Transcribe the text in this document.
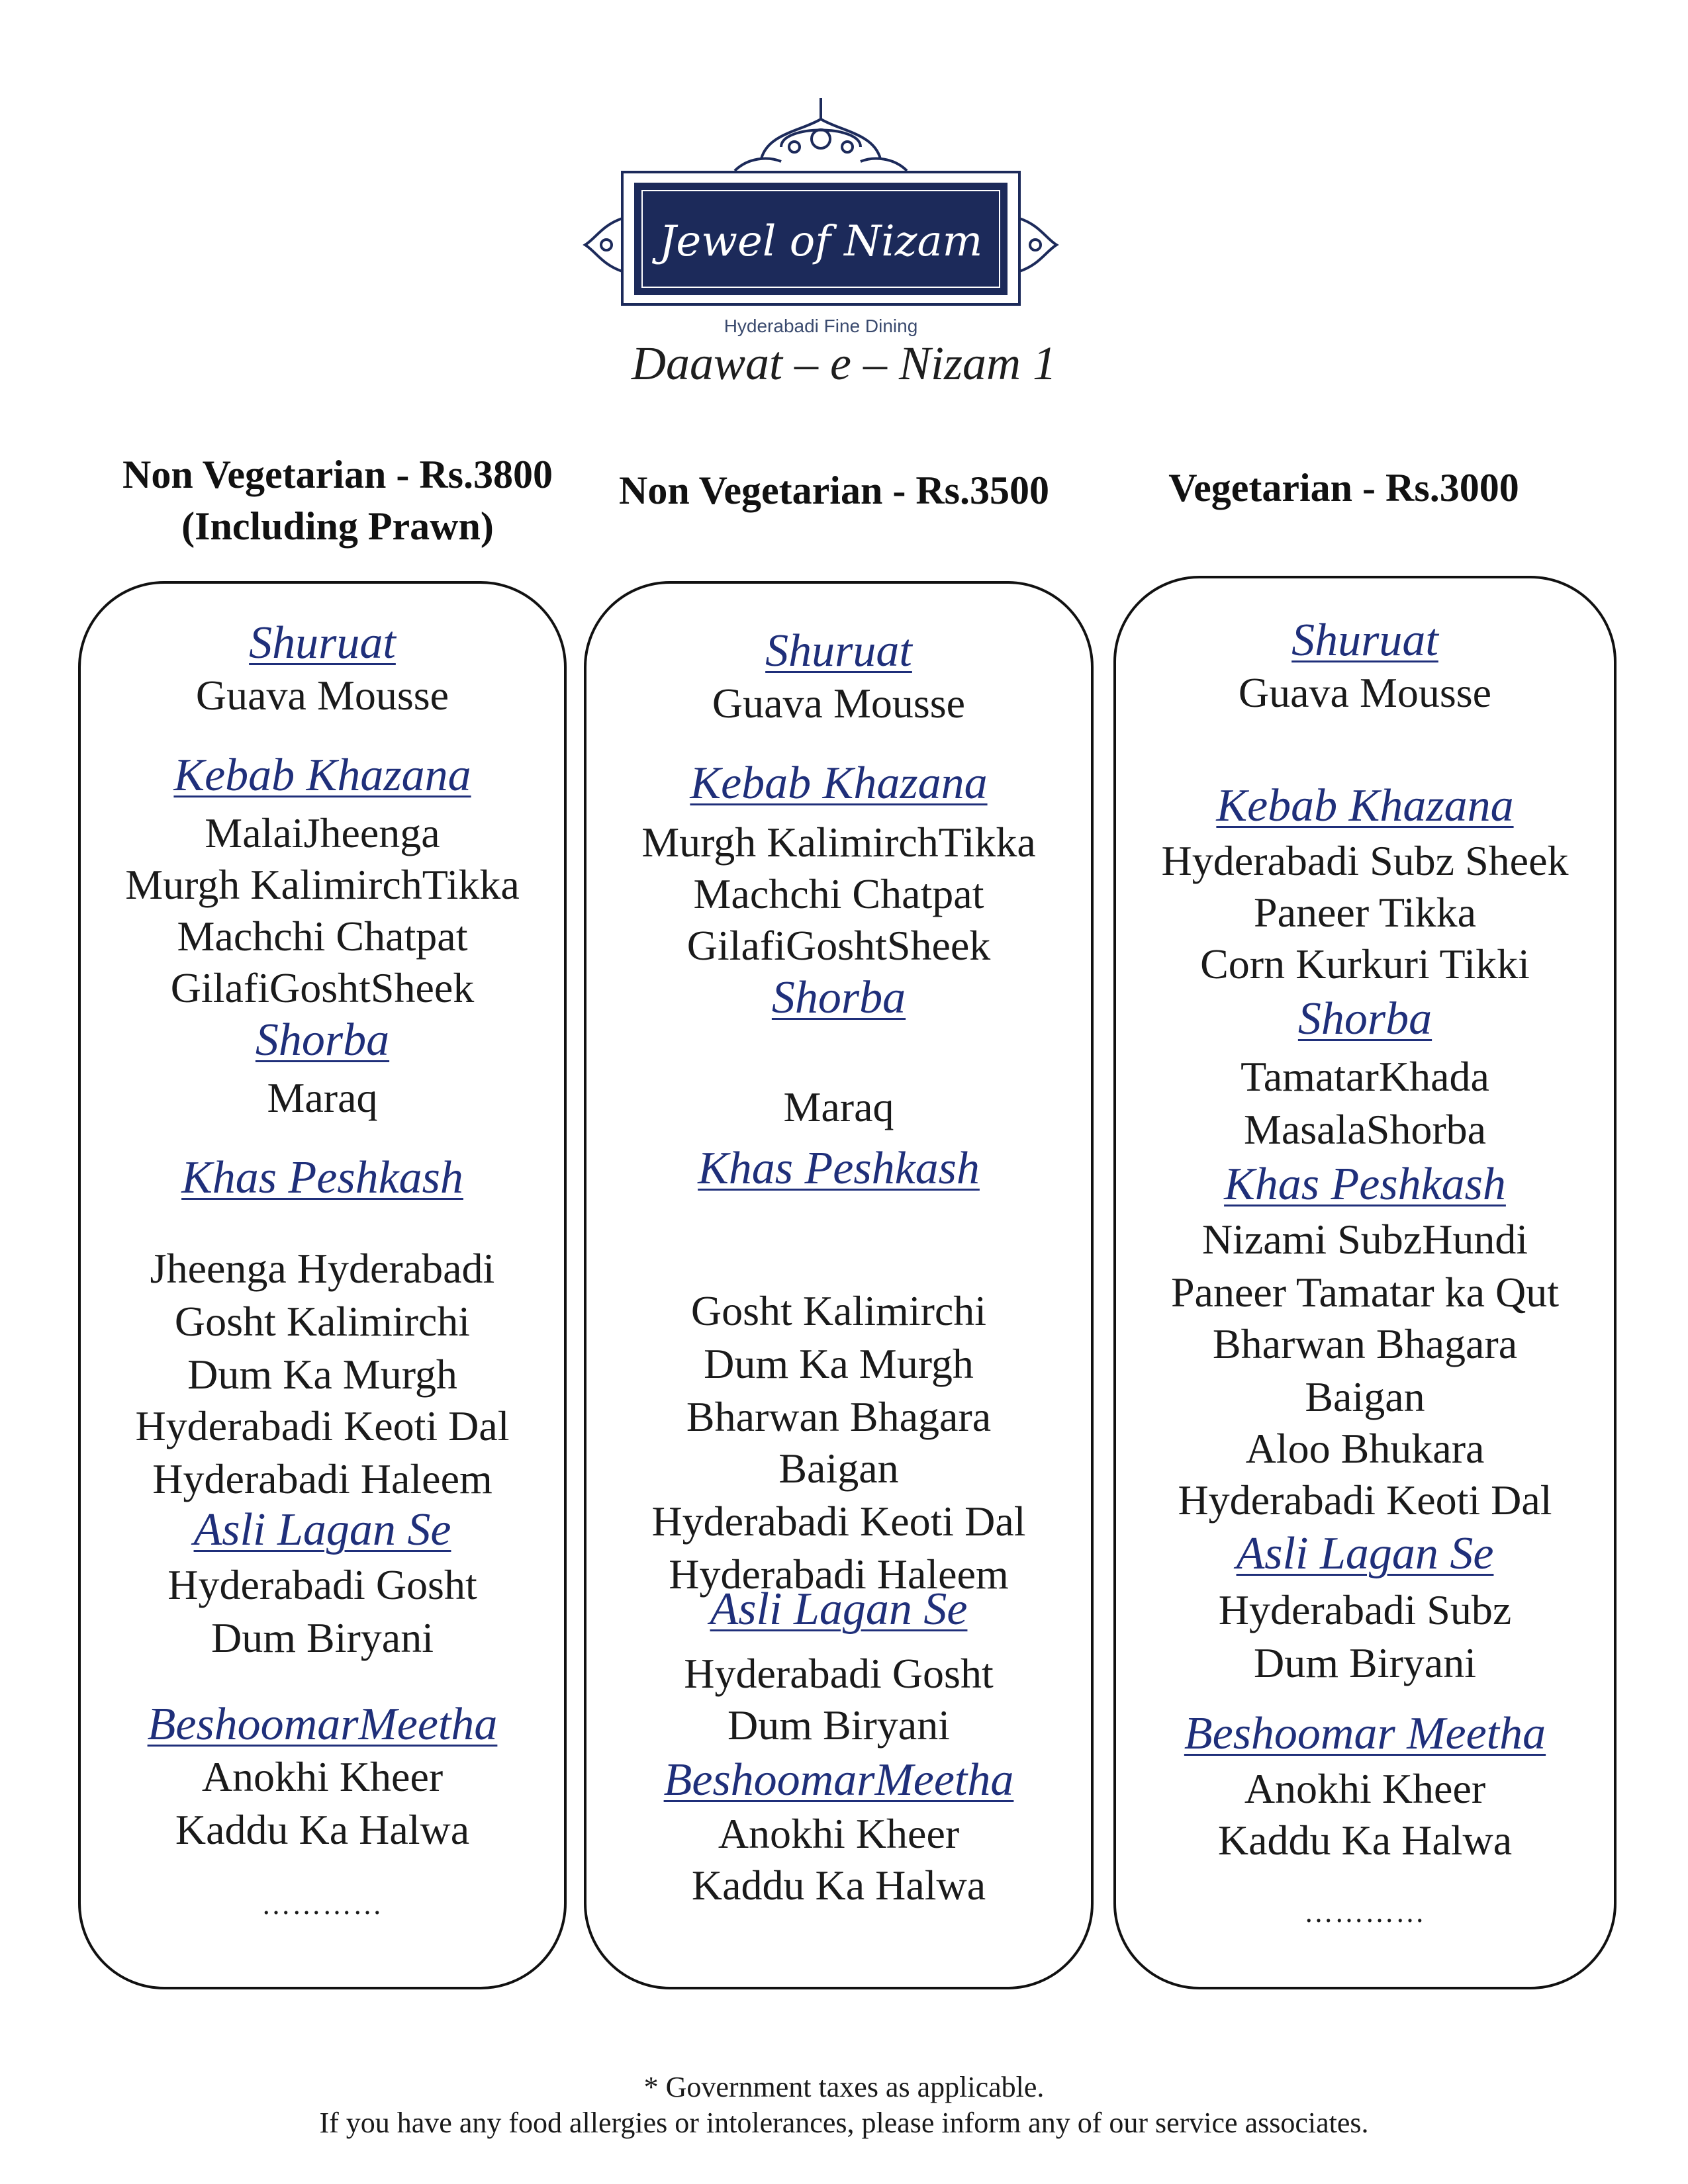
Jewel of Nizam
Hyderabadi Fine Dining
Daawat – e – Nizam 1
Non Vegetarian - Rs.3800
(Including Prawn)
Non Vegetarian - Rs.3500	Vegetarian - Rs.3000
Shuruat
Guava Mousse
Kebab Khazana
MalaiJheenga
Murgh KalimirchTikka
Machchi Chatpat
GilafiGoshtSheek
Shorba
Maraq
Khas Peshkash
Jheenga Hyderabadi
Gosht Kalimirchi
Dum Ka Murgh
Hyderabadi Keoti Dal
Hyderabadi Haleem
Asli Lagan Se
Hyderabadi Gosht
Dum Biryani
BeshoomarMeetha
Anokhi Kheer
Kaddu Ka Halwa
…………
Shuruat
Guava Mousse
Kebab Khazana
Murgh KalimirchTikka
Machchi Chatpat
GilafiGoshtSheek
Shorba
Maraq
Khas Peshkash
Gosht Kalimirchi
Dum Ka Murgh
Bharwan Bhagara
Baigan
Hyderabadi Keoti Dal
Hyderabadi Haleem
Asli Lagan Se
Hyderabadi Gosht
Dum Biryani
BeshoomarMeetha
Anokhi Kheer
Kaddu Ka Halwa
Shuruat
Guava Mousse
Kebab Khazana
Hyderabadi Subz Sheek
Paneer Tikka
Corn Kurkuri Tikki
Shorba
TamatarKhada
MasalaShorba
Khas Peshkash
Nizami SubzHundi
Paneer Tamatar ka Qut
Bharwan Bhagara
Baigan
Aloo Bhukara
Hyderabadi Keoti Dal
Asli Lagan Se
Hyderabadi Subz
Dum Biryani
Beshoomar Meetha
Anokhi Kheer
Kaddu Ka Halwa
…………
* Government taxes as applicable.
If you have any food allergies or intolerances, please inform any of our service associates.
